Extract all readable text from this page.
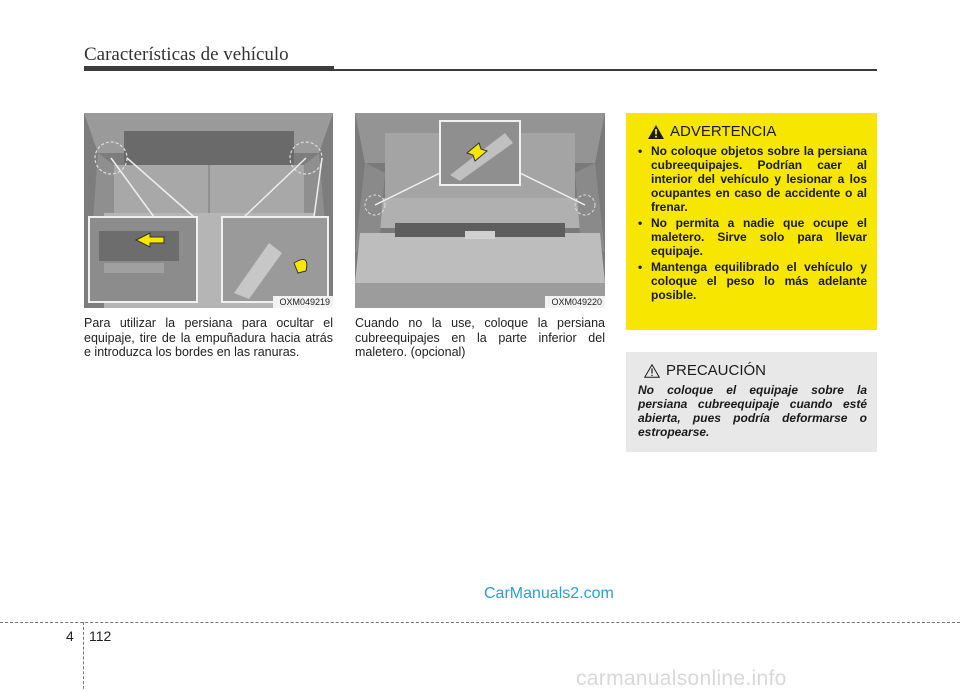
Características de vehículo
OXM049219	OXM049220
Para utilizar la persiana para ocultar el equipaje, tire de la empuñadura hacia atrás e introduzca los bordes en las ranuras.
Cuando no la use, coloque la persiana cubreequipajes en la parte inferior del maletero. (opcional)
ADVERTENCIA
• No coloque objetos sobre la persiana cubreequipajes. Podrían caer al interior del vehículo y lesionar a los ocupantes en caso de accidente o al frenar.
• No permita a nadie que ocupe el maletero. Sirve solo para llevar equipaje.
• Mantenga equilibrado el vehículo y coloque el peso lo más adelante posible.
PRECAUCIÓN
No coloque el equipaje sobre la persiana cubreequipaje cuando esté abierta, pues podría deformarse o estropearse.
CarManuals2.com
4 112
carmanualsonline.info
